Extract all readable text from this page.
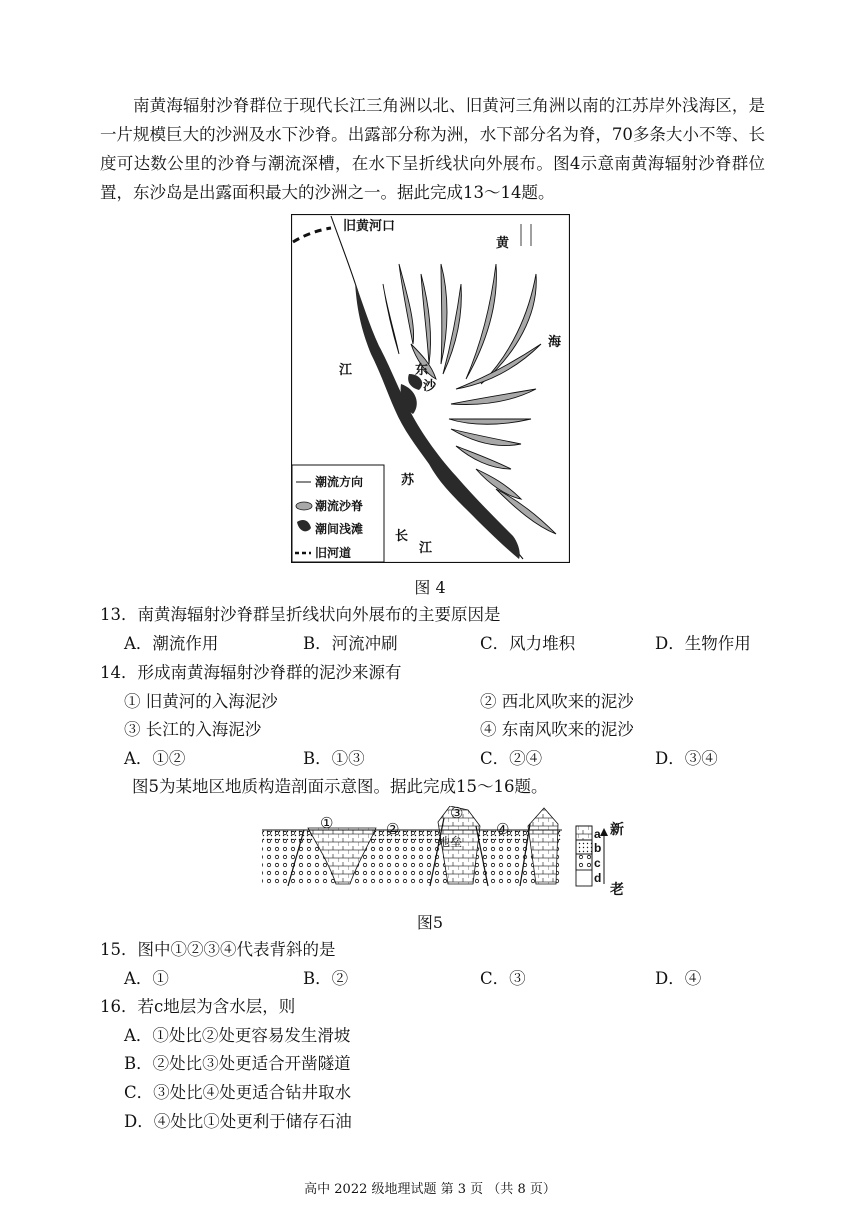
南黄海辐射沙脊群位于现代长江三角洲以北、旧黄河三角洲以南的江苏岸外浅海区，是一片规模巨大的沙洲及水下沙脊。出露部分称为洲，水下部分名为脊，70多条大小不等、长度可达数公里的沙脊与潮流深槽，在水下呈折线状向外展布。图4示意南黄海辐射沙脊群位置，东沙岛是出露面积最大的沙洲之一。据此完成13～14题。
旧黄河口
黄
海
江	东
沙
苏
长
江
潮流方向
潮流沙脊
潮间浅滩
旧河道
图 4
13．南黄海辐射沙脊群呈折线状向外展布的主要原因是
A．潮流作用	B．河流冲刷	C．风力堆积	D．生物作用
14．形成南黄海辐射沙脊群的泥沙来源有
① 旧黄河的入海泥沙	② 西北风吹来的泥沙
③ 长江的入海泥沙	④ 东南风吹来的泥沙
A．①②	B．①③	C．②④	D．③④
图5为某地区地质构造剖面示意图。据此完成15～16题。
①	②
③
④
地垒
a
b
c
d
新
老
图5
15．图中①②③④代表背斜的是
A．①	B．②	C．③	D．④
16．若c地层为含水层，则
A．①处比②处更容易发生滑坡
B．②处比③处更适合开凿隧道
C．③处比④处更适合钻井取水
D．④处比①处更利于储存石油
高中 2022 级地理试题 第 3 页 （共 8 页）
